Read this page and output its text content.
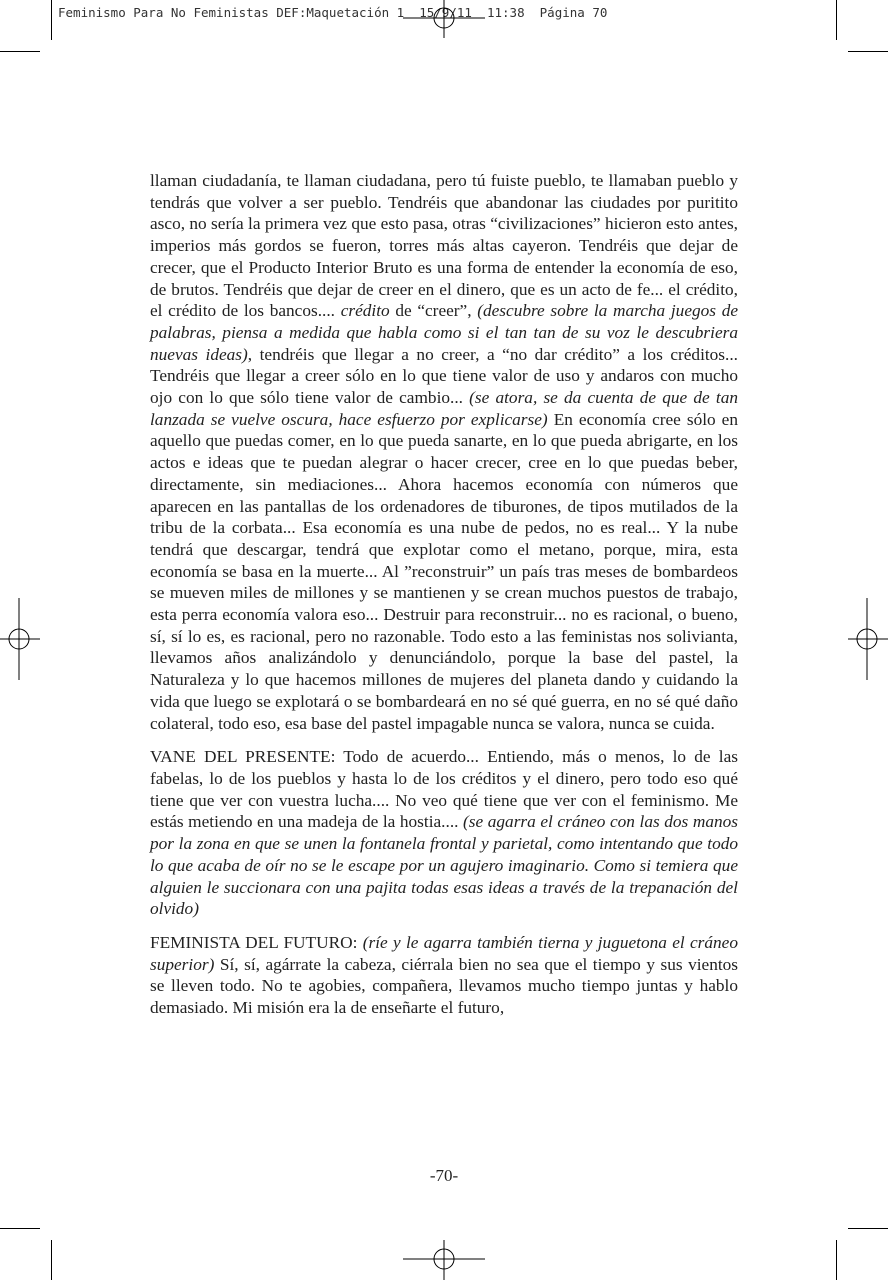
Feminismo Para No Feministas DEF:Maquetación 1  15/9/11  11:38  Página 70

llaman ciudadanía, te llaman ciudadana, pero tú fuiste pueblo, te llamaban pueblo y tendrás que volver a ser pueblo. Tendréis que abandonar las ciudades por puritito asco, no sería la primera vez que esto pasa, otras “civilizaciones” hicieron esto antes, imperios más gordos se fueron, torres más altas cayeron. Tendréis que dejar de crecer, que el Producto Interior Bruto es una forma de entender la economía de eso, de brutos. Tendréis que dejar de creer en el dinero, que es un acto de fe... el crédito, el crédito de los bancos.... crédito de “creer”, (descubre sobre la marcha juegos de palabras, piensa a medida que habla como si el tan tan de su voz le descubriera nuevas ideas), tendréis que llegar a no creer, a “no dar crédito” a los créditos... Tendréis que llegar a creer sólo en lo que tiene valor de uso y andaros con mucho ojo con lo que sólo tiene valor de cambio... (se atora, se da cuenta de que de tan lanzada se vuelve oscura, hace esfuerzo por explicarse) En economía cree sólo en aquello que puedas comer, en lo que pueda sanarte, en lo que pueda abrigarte, en los actos e ideas que te puedan alegrar o hacer crecer, cree en lo que puedas beber, directamente, sin mediaciones... Ahora hacemos economía con números que aparecen en las pantallas de los ordenadores de tiburones, de tipos mutilados de la tribu de la corbata... Esa economía es una nube de pedos, no es real... Y la nube tendrá que descargar, tendrá que explotar como el metano, porque, mira, esta economía se basa en la muerte... Al ”reconstruir” un país tras meses de bombardeos se mueven miles de millones y se mantienen y se crean muchos puestos de trabajo, esta perra economía valora eso... Destruir para reconstruir... no es racional, o bueno, sí, sí lo es, es racional, pero no razonable. Todo esto a las feministas nos solivianta, llevamos años analizándolo y denunciándolo, porque la base del pastel, la Naturaleza y lo que hacemos millones de mujeres del planeta dando y cuidando la vida que luego se explotará o se bombardeará en no sé qué guerra, en no sé qué daño colateral, todo eso, esa base del pastel impagable nunca se valora, nunca se cuida.

VANE DEL PRESENTE: Todo de acuerdo... Entiendo, más o menos, lo de las fabelas, lo de los pueblos y hasta lo de los créditos y el dinero, pero todo eso qué tiene que ver con vuestra lucha.... No veo qué tiene que ver con el feminismo. Me estás metiendo en una madeja de la hostia.... (se agarra el cráneo con las dos manos por la zona en que se unen la fontanela frontal y parietal, como intentando que todo lo que acaba de oír no se le escape por un agujero imaginario. Como si temiera que alguien le succionara con una pajita todas esas ideas a través de la trepanación del olvido)

FEMINISTA DEL FUTURO: (ríe y le agarra también tierna y juguetona el cráneo superior) Sí, sí, agárrate la cabeza, ciérrala bien no sea que el tiempo y sus vientos se lleven todo. No te agobies, compañera, llevamos mucho tiempo juntas y hablo demasiado. Mi misión era la de enseñarte el futuro,

-70-
